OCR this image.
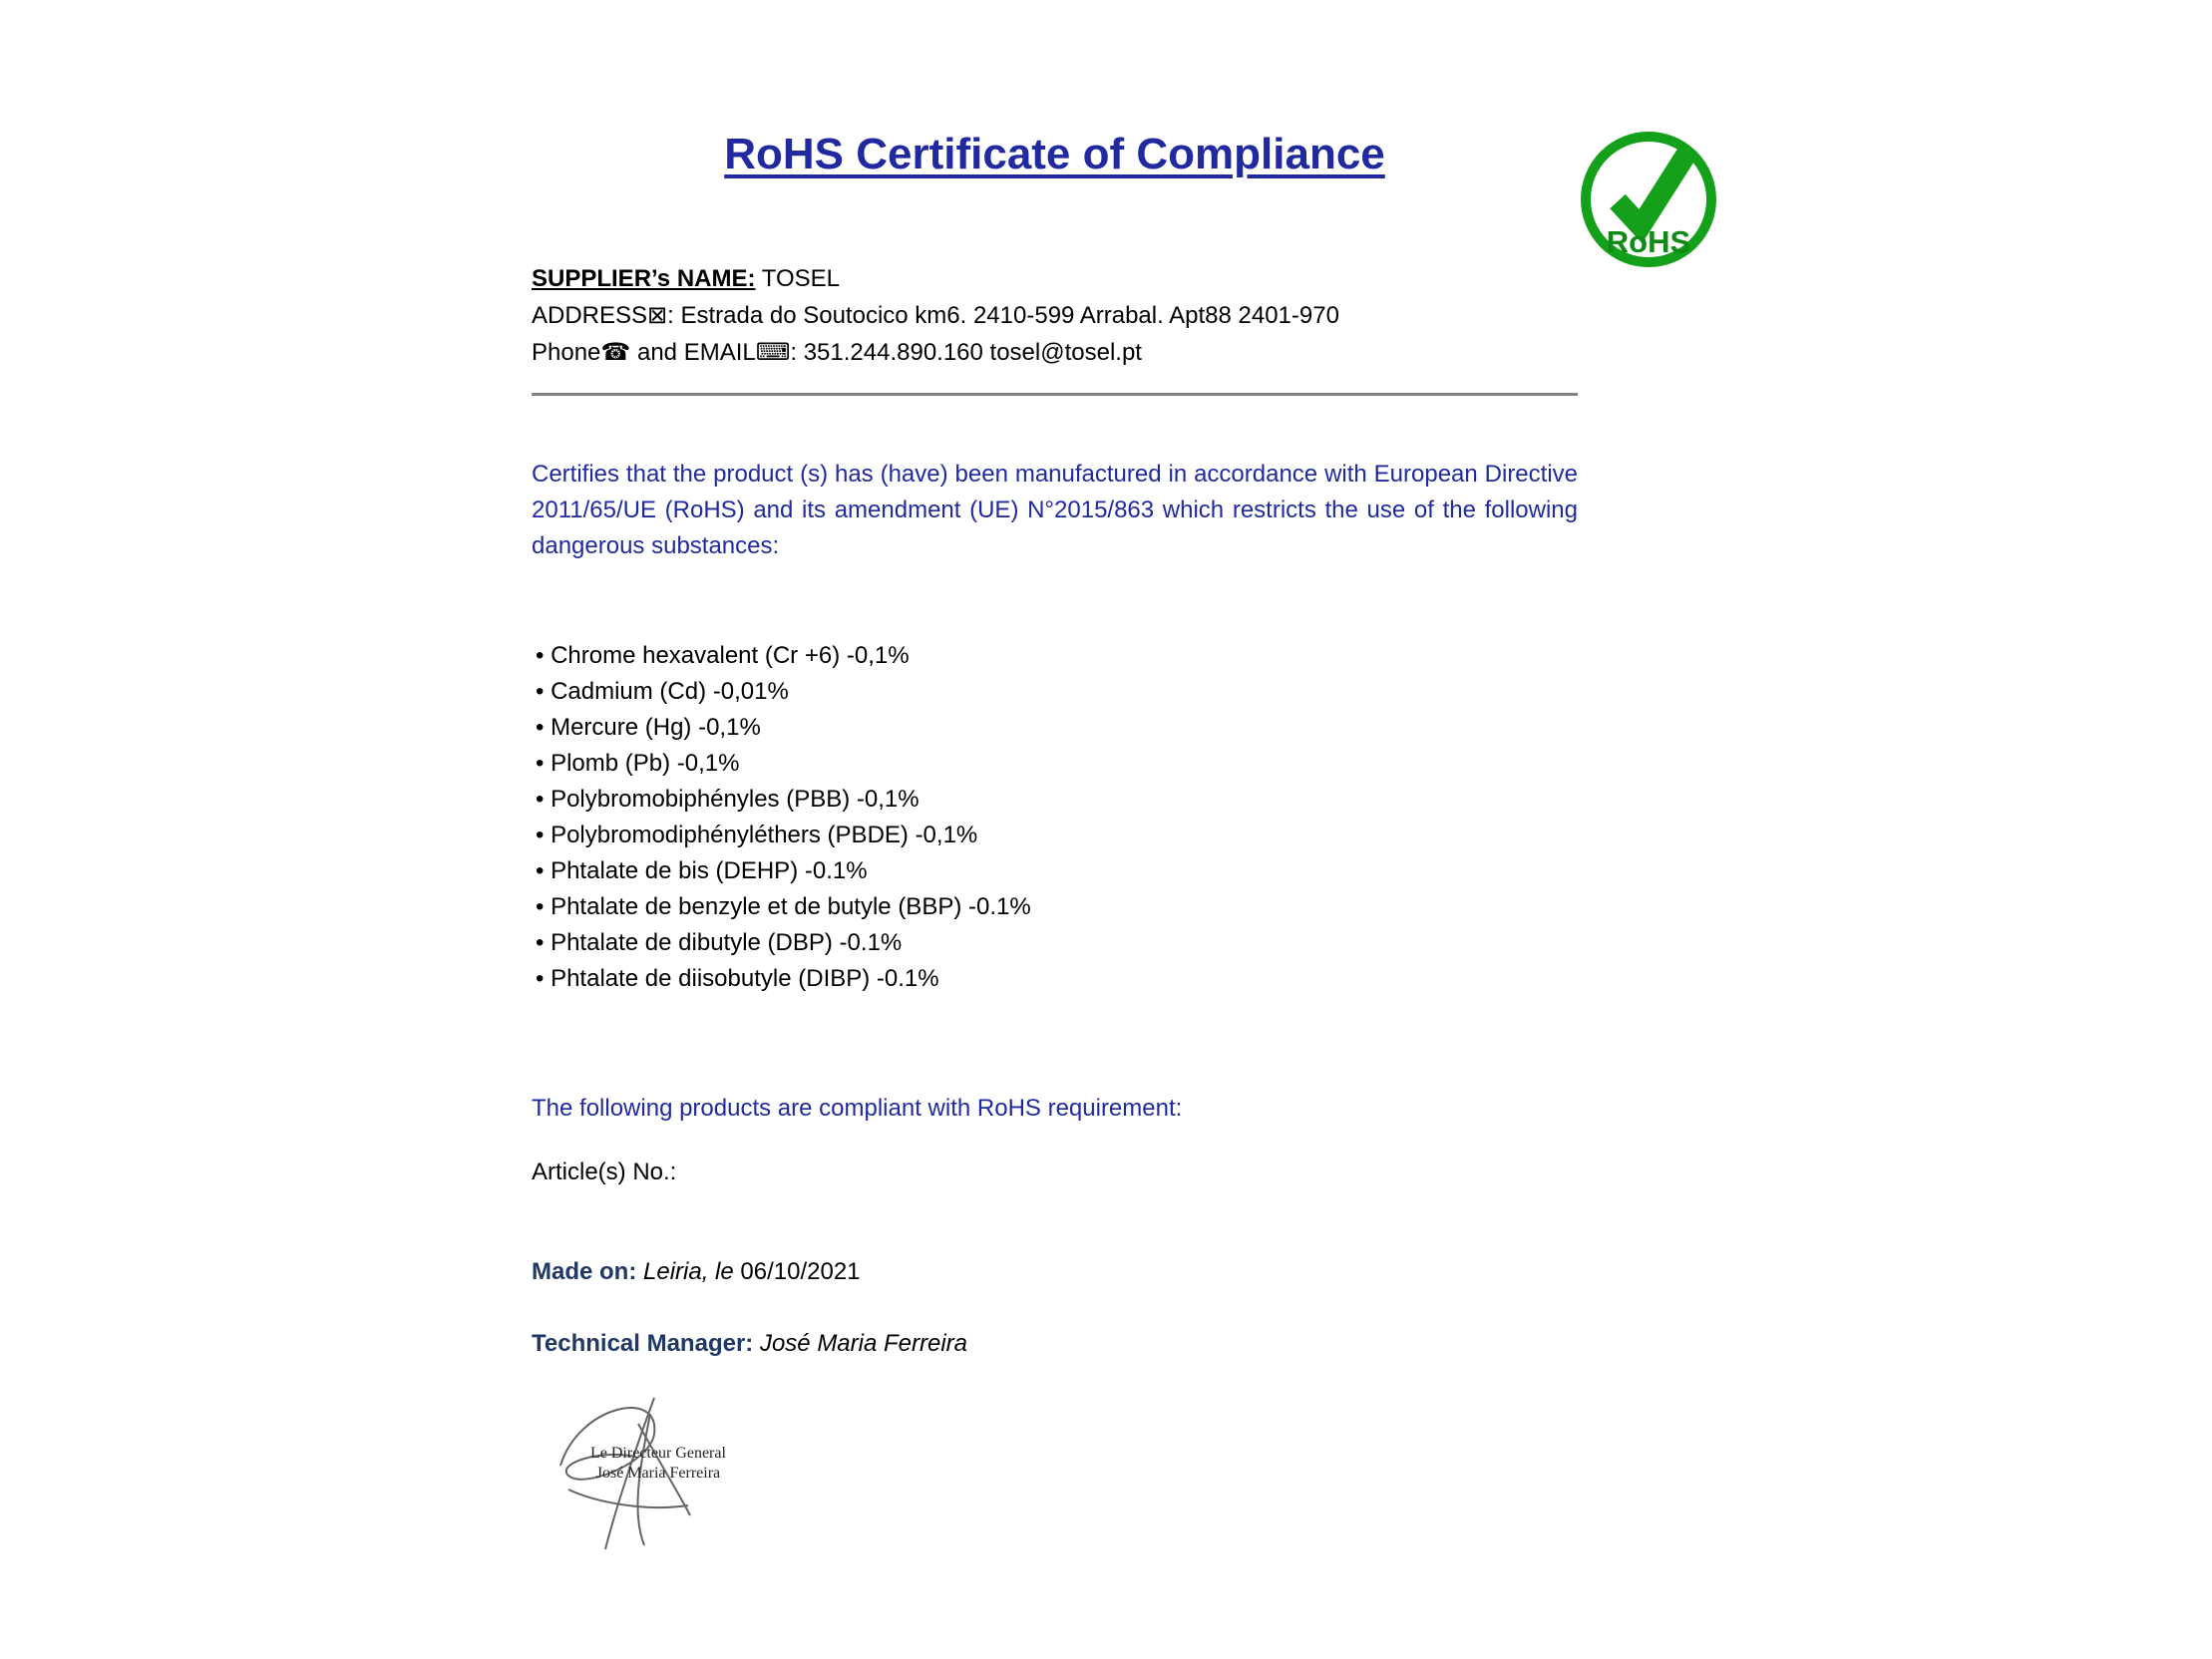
RoHS Certificate of Compliance
RoHS
SUPPLIER’s NAME: TOSEL
ADDRESS⊠: Estrada do Soutocico km6. 2410-599 Arrabal. Apt88 2401-970
Phone☎ and EMAIL⌨: 351.244.890.160 tosel@tosel.pt
Certifies that the product (s) has (have) been manufactured in accordance with European Directive 2011/65/UE (RoHS) and its amendment (UE) N°2015/863 which restricts the use of the following dangerous substances:
• Chrome hexavalent (Cr +6) -0,1%
• Cadmium (Cd) -0,01%
• Mercure (Hg) -0,1%
• Plomb (Pb) -0,1%
• Polybromobiphényles (PBB) -0,1%
• Polybromodiphényléthers (PBDE) -0,1%
• Phtalate de bis (DEHP) -0.1%
• Phtalate de benzyle et de butyle (BBP) -0.1%
• Phtalate de dibutyle (DBP) -0.1%
• Phtalate de diisobutyle (DIBP) -0.1%
The following products are compliant with RoHS requirement:
Article(s) No.:
Made on: Leiria, le 06/10/2021
Technical Manager: José Maria Ferreira
Le Directeur General
José Maria Ferreira
